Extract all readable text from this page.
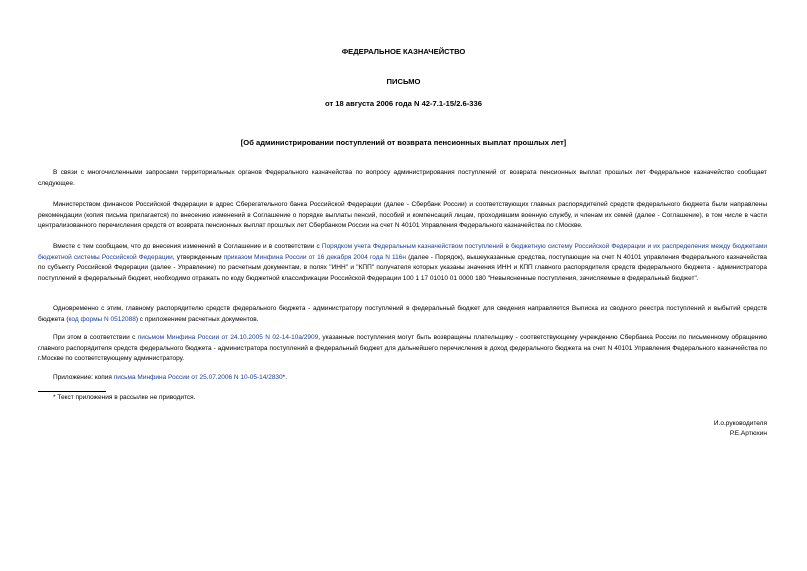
ФЕДЕРАЛЬНОЕ КАЗНАЧЕЙСТВО
ПИСЬМО
от 18 августа 2006 года N 42-7.1-15/2.6-336
[Об администрировании поступлений от возврата пенсионных выплат прошлых лет]
В связи с многочисленными запросами территориальных органов Федерального казначейства по вопросу администрирования поступлений от возврата пенсионных выплат прошлых лет Федеральное казначейство сообщает следующее.
Министерством финансов Российской Федерации в адрес Сберегательного банка Российской Федерации (далее - Сбербанк России) и соответствующих главных распорядителей средств федерального бюджета были направлены рекомендации (копия письма прилагается) по внесению изменений в Соглашение о порядке выплаты пенсий, пособий и компенсаций лицам, проходившим военную службу, и членам их семей (далее - Соглашение), в том числе в части централизованного перечисления средств от возврата пенсионных выплат прошлых лет Сбербанком России на счет N 40101 Управления Федерального казначейства по г.Москве.
Вместе с тем сообщаем, что до внесения изменений в Соглашение и в соответствии с Порядком учета Федеральным казначейством поступлений в бюджетную систему Российской Федерации и их распределения между бюджетами бюджетной системы Российской Федерации, утвержденным приказом Минфина России от 16 декабря 2004 года N 116н (далее - Порядок), вышеуказанные средства, поступающие на счет N 40101 управления Федерального казначейства по субъекту Российской Федерации (далее - Управление) по расчетным документам, в полях "ИНН" и "КПП" получателя которых указаны значения ИНН и КПП главного распорядителя средств федерального бюджета - администратора поступлений в федеральный бюджет, необходимо отражать по коду бюджетной классификации Российской Федерации 100 1 17 01010 01 0000 180 "Невыясненные поступления, зачисляемые в федеральный бюджет".
Одновременно с этим, главному распорядителю средств федерального бюджета - администратору поступлений в федеральный бюджет для сведения направляется Выписка из сводного реестра поступлений и выбытий средств бюджета (код формы N 0512088) с приложением расчетных документов.
При этом в соответствии с письмом Минфина России от 24.10.2005 N 02-14-10а/2909, указанные поступления могут быть возвращены плательщику - соответствующему учреждению Сбербанка России по письменному обращению главного распорядителя средств федерального бюджета - администратора поступлений в федеральный бюджет для дальнейшего перечисления в доход федерального бюджета на счет N 40101 Управления Федерального казначейства по г.Москве по соответствующему администратору.
Приложение: копия письма Минфина России от 25.07.2006 N 10-05-14/2830*.
* Текст приложения в рассылке не приводится.
И.о.руководителя
Р.Е.Артюхин
